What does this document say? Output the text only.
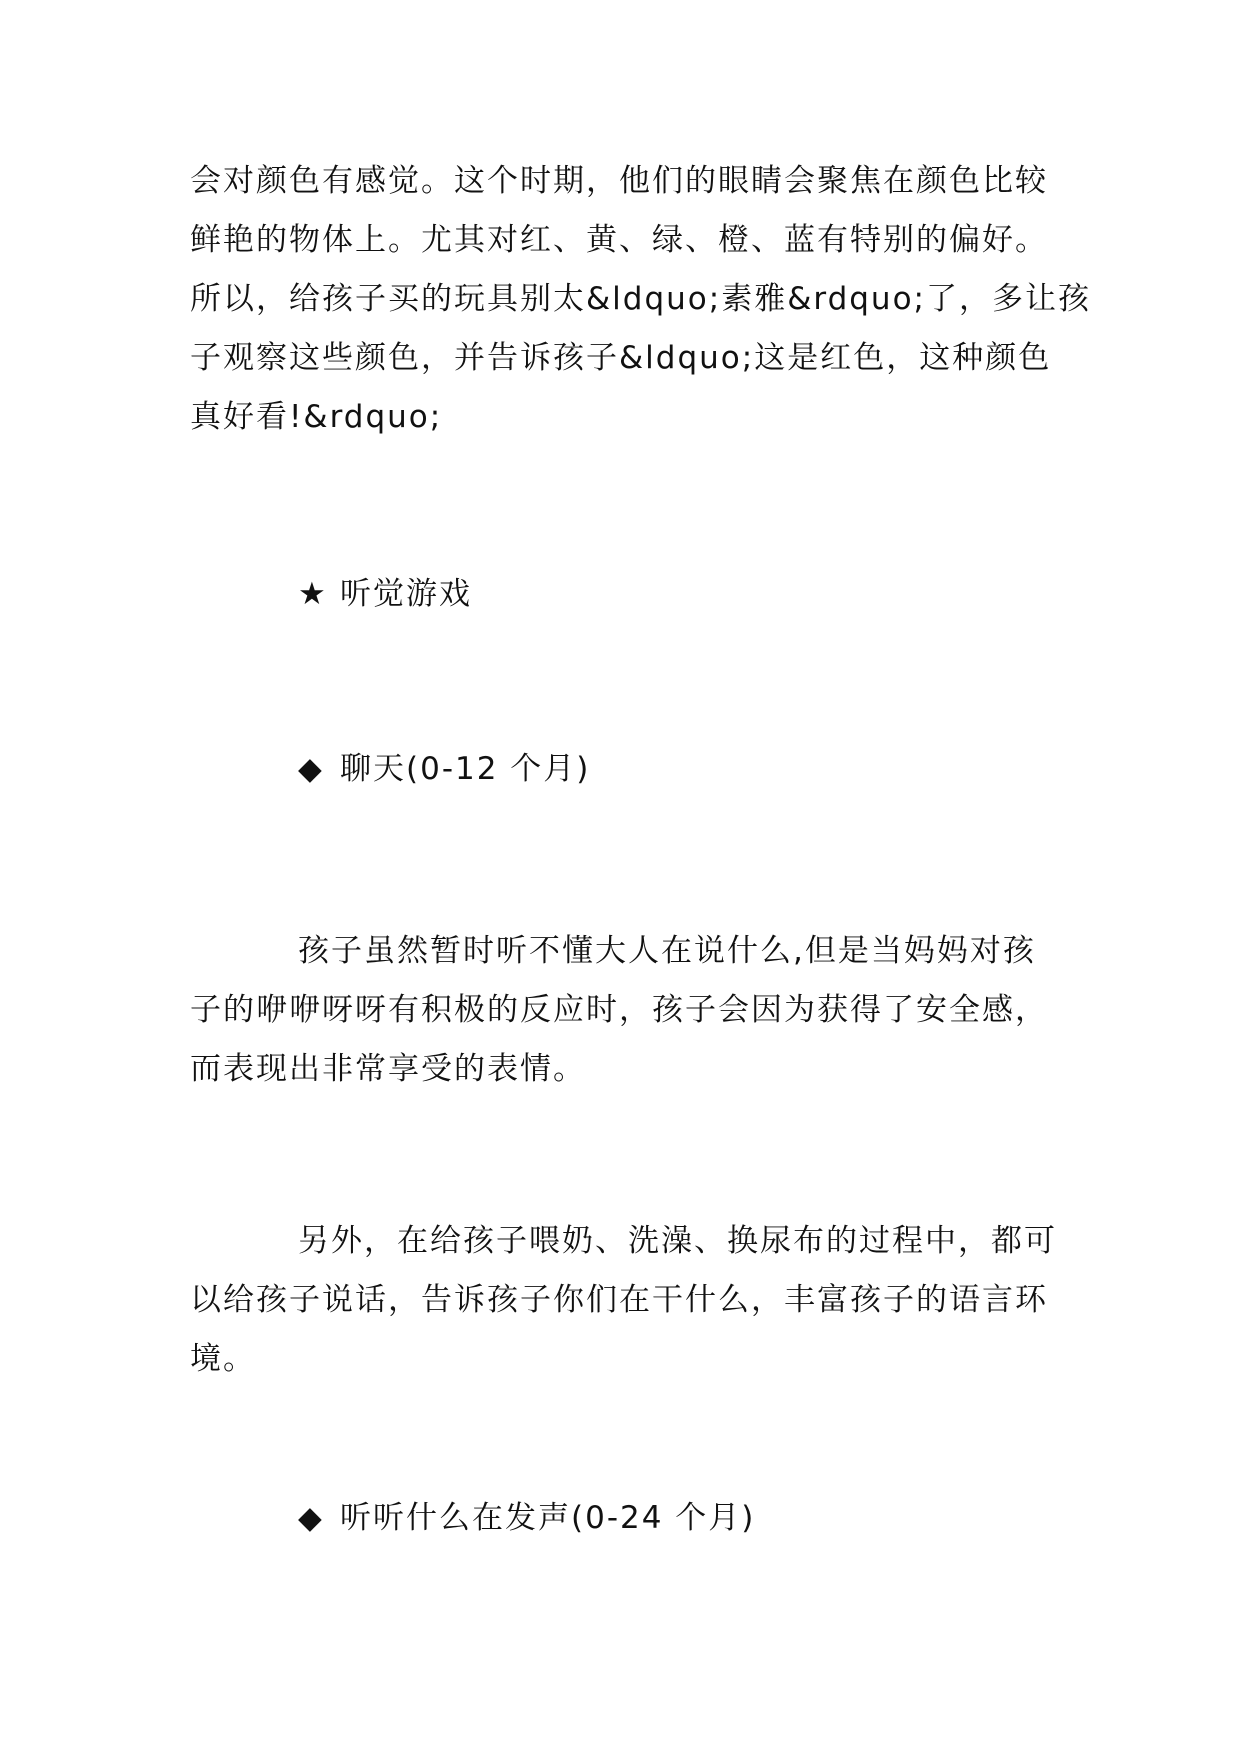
会对颜色有感觉。这个时期，他们的眼睛会聚焦在颜色比较
鲜艳的物体上。尤其对红、黄、绿、橙、蓝有特别的偏好。
所以，给孩子买的玩具别太&ldquo;素雅&rdquo;了，多让孩
子观察这些颜色，并告诉孩子&ldquo;这是红色，这种颜色
真好看!&rdquo;

★ 听觉游戏
◆ 聊天(0-12 个月)

孩子虽然暂时听不懂大人在说什么,但是当妈妈对孩
子的咿咿呀呀有积极的反应时，孩子会因为获得了安全感，
而表现出非常享受的表情。

另外，在给孩子喂奶、洗澡、换尿布的过程中，都可
以给孩子说话，告诉孩子你们在干什么，丰富孩子的语言环
境。

◆ 听听什么在发声(0-24 个月)
